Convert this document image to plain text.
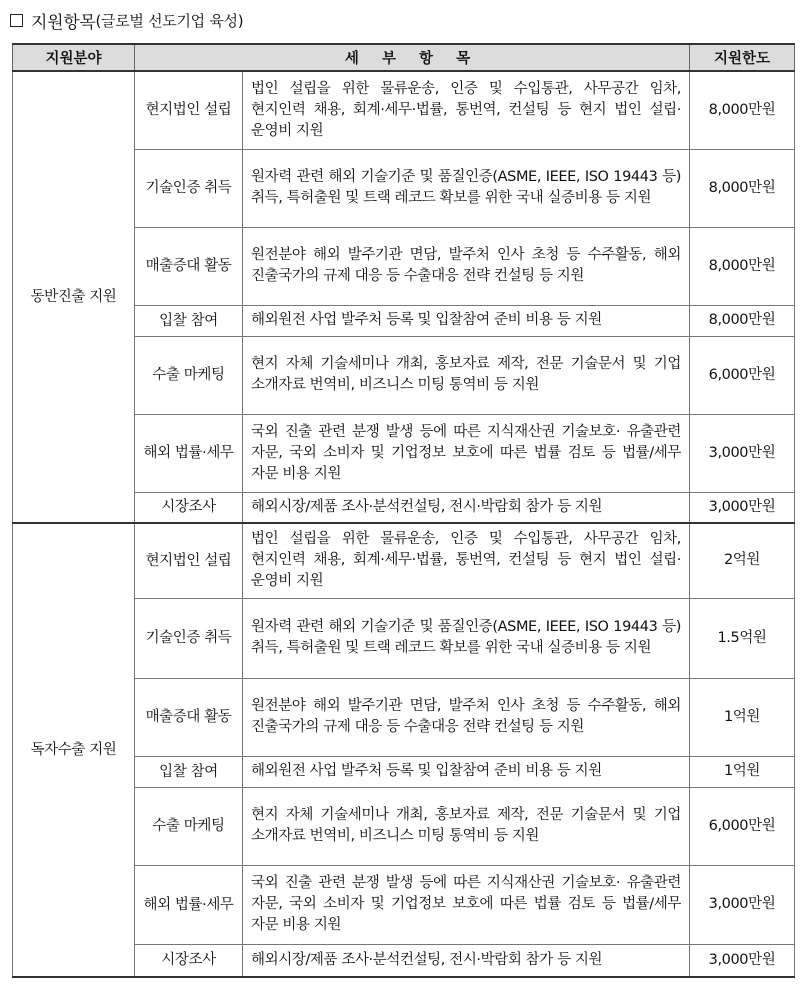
지원항목 (글로벌 선도기업 육성)
지원분야	세 부 항 목		지원한도
동반진출 지원	현지법인 설립	법인 설립을 위한 물류운송, 인증 및 수입통관, 사무공간 임차, 현지인력 채용, 회계·세무·법률, 통번역, 컨설팅 등 현지 법인 설립·운영비 지원	8,000만원
	기술인증 취득	원자력 관련 해외 기술기준 및 품질인증(ASME, IEEE, ISO 19443 등) 취득, 특허출원 및 트랙 레코드 확보를 위한 국내 실증비용 등 지원	8,000만원
	매출증대 활동	원전분야 해외 발주기관 면담, 발주처 인사 초청 등 수주활동, 해외 진출국가의 규제 대응 등 수출대응 전략 컨설팅 등 지원	8,000만원
	입찰 참여	해외원전 사업 발주처 등록 및 입찰참여 준비 비용 등 지원	8,000만원
	수출 마케팅	현지 자체 기술세미나 개최, 홍보자료 제작, 전문 기술문서 및 기업 소개자료 번역비, 비즈니스 미팅 통역비 등 지원	6,000만원
	해외 법률·세무	국외 진출 관련 분쟁 발생 등에 따른 지식재산권 기술보호· 유출관련 자문, 국외 소비자 및 기업정보 보호에 따른 법률 검토 등 법률/세무 자문 비용 지원	3,000만원
	시장조사	해외시장/제품 조사·분석컨설팅, 전시·박람회 참가 등 지원	3,000만원
독자수출 지원	현지법인 설립	법인 설립을 위한 물류운송, 인증 및 수입통관, 사무공간 임차, 현지인력 채용, 회계·세무·법률, 통번역, 컨설팅 등 현지 법인 설립·운영비 지원	2억원
	기술인증 취득	원자력 관련 해외 기술기준 및 품질인증(ASME, IEEE, ISO 19443 등) 취득, 특허출원 및 트랙 레코드 확보를 위한 국내 실증비용 등 지원	1.5억원
	매출증대 활동	원전분야 해외 발주기관 면담, 발주처 인사 초청 등 수주활동, 해외 진출국가의 규제 대응 등 수출대응 전략 컨설팅 등 지원	1억원
	입찰 참여	해외원전 사업 발주처 등록 및 입찰참여 준비 비용 등 지원	1억원
	수출 마케팅	현지 자체 기술세미나 개최, 홍보자료 제작, 전문 기술문서 및 기업 소개자료 번역비, 비즈니스 미팅 통역비 등 지원	6,000만원
	해외 법률·세무	국외 진출 관련 분쟁 발생 등에 따른 지식재산권 기술보호· 유출관련 자문, 국외 소비자 및 기업정보 보호에 따른 법률 검토 등 법률/세무 자문 비용 지원	3,000만원
	시장조사	해외시장/제품 조사·분석컨설팅, 전시·박람회 참가 등 지원	3,000만원
